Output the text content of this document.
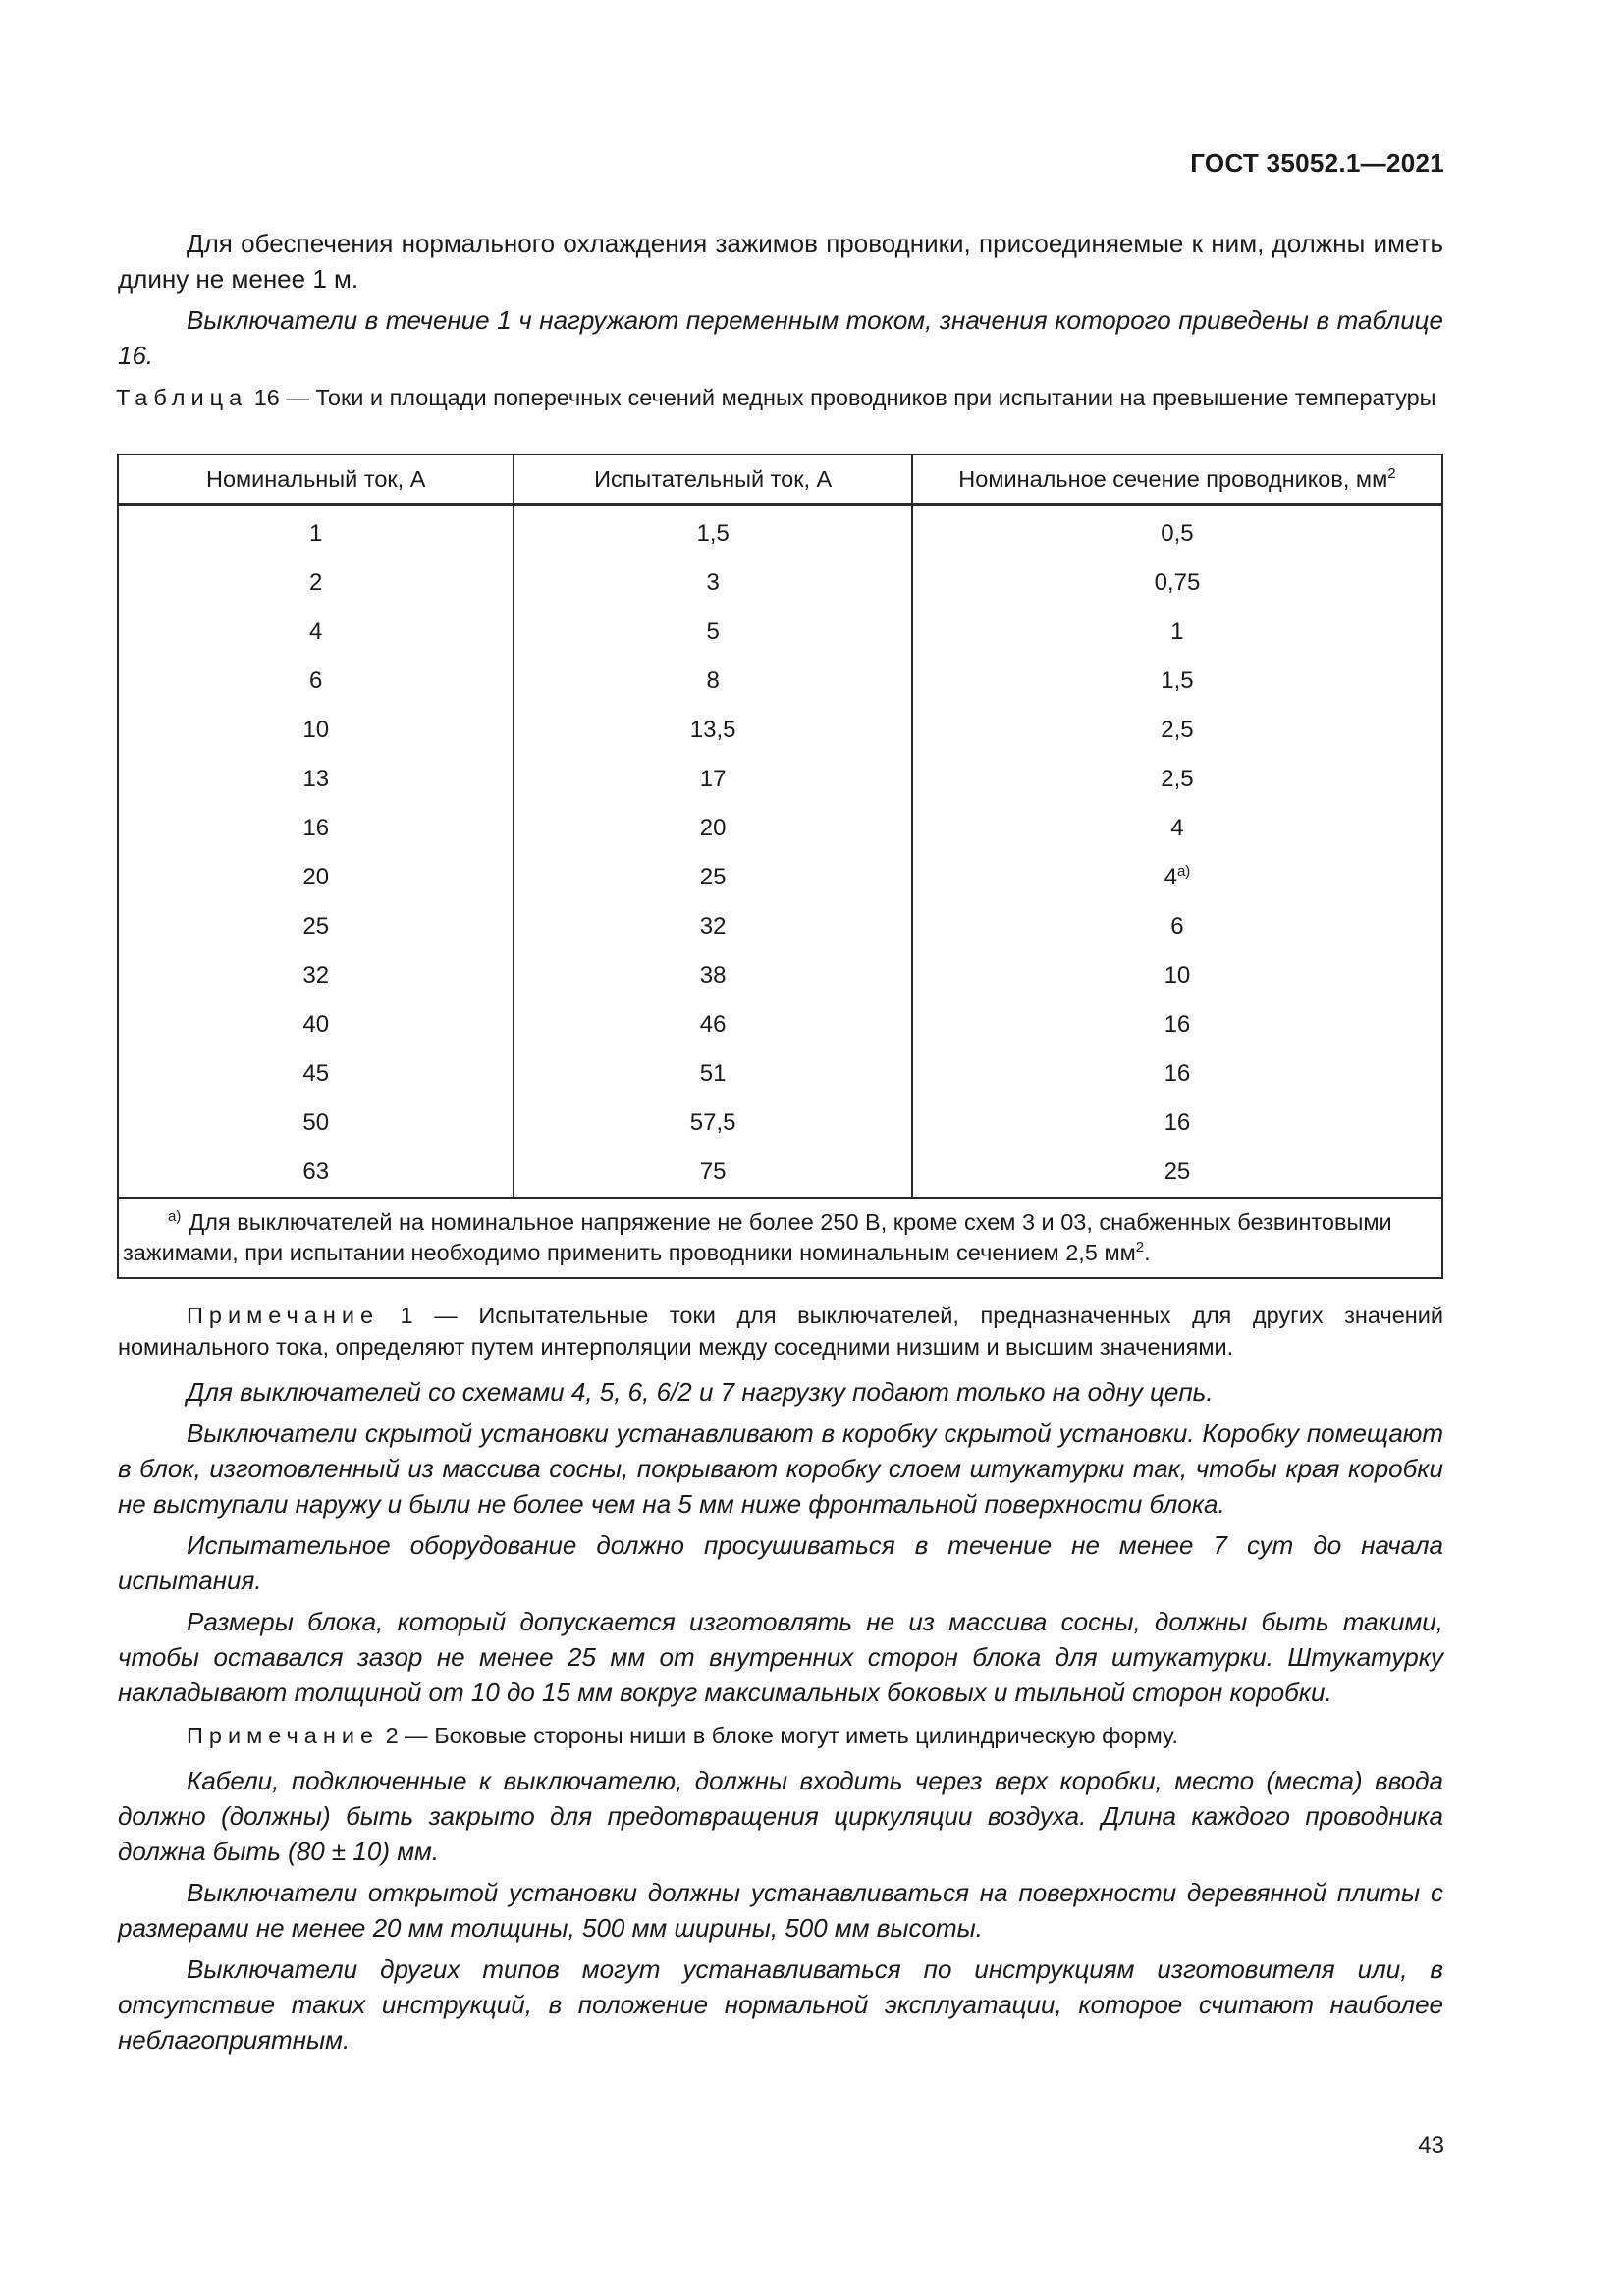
ГОСТ 35052.1—2021

Для обеспечения нормального охлаждения зажимов проводники, присоединяемые к ним, должны иметь длину не менее 1 м.

Выключатели в течение 1 ч нагружают переменным током, значения которого приведены в таблице 16.

Таблица 16 — Токи и площади поперечных сечений медных проводников при испытании на превышение температуры
Номинальный ток, А	Испытательный ток, А	Номинальное сечение проводников, $мм^2$
1	1,5	0,5
2	3	0,75
4	5	1
6	8	1,5
10	13,5	2,5
13	17	2,5
16	20	4
20	25	$4^{а)}$
25	32	6
32	38	10
40	46	16
45	51	16
50	57,5	16
63	75	25
$^{а)}$ Для выключателей на номинальное напряжение не более 250 В, кроме схем 3 и 03, снабженных безвинтовыми зажимами, при испытании необходимо применить проводники номинальным сечением 2,5 $мм^2$.		

Примечание 1 — Испытательные токи для выключателей, предназначенных для других значений номинального тока, определяют путем интерполяции между соседними низшим и высшим значениями.

Для выключателей со схемами 4, 5, 6, 6/2 и 7 нагрузку подают только на одну цепь.

Выключатели скрытой установки устанавливают в коробку скрытой установки. Коробку помещают в блок, изготовленный из массива сосны, покрывают коробку слоем штукатурки так, чтобы края коробки не выступали наружу и были не более чем на 5 мм ниже фронтальной поверхности блока.

Испытательное оборудование должно просушиваться в течение не менее 7 сут до начала испытания.

Размеры блока, который допускается изготовлять не из массива сосны, должны быть такими, чтобы оставался зазор не менее 25 мм от внутренних сторон блока для штукатурки. Штукатурку накладывают толщиной от 10 до 15 мм вокруг максимальных боковых и тыльной сторон коробки.

Примечание 2 — Боковые стороны ниши в блоке могут иметь цилиндрическую форму.

Кабели, подключенные к выключателю, должны входить через верх коробки, место (места) ввода должно (должны) быть закрыто для предотвращения циркуляции воздуха. Длина каждого проводника должна быть (80 ± 10) мм.

Выключатели открытой установки должны устанавливаться на поверхности деревянной плиты с размерами не менее 20 мм толщины, 500 мм ширины, 500 мм высоты.

Выключатели других типов могут устанавливаться по инструкциям изготовителя или, в отсутствие таких инструкций, в положение нормальной эксплуатации, которое считают наиболее неблагоприятным.

43
